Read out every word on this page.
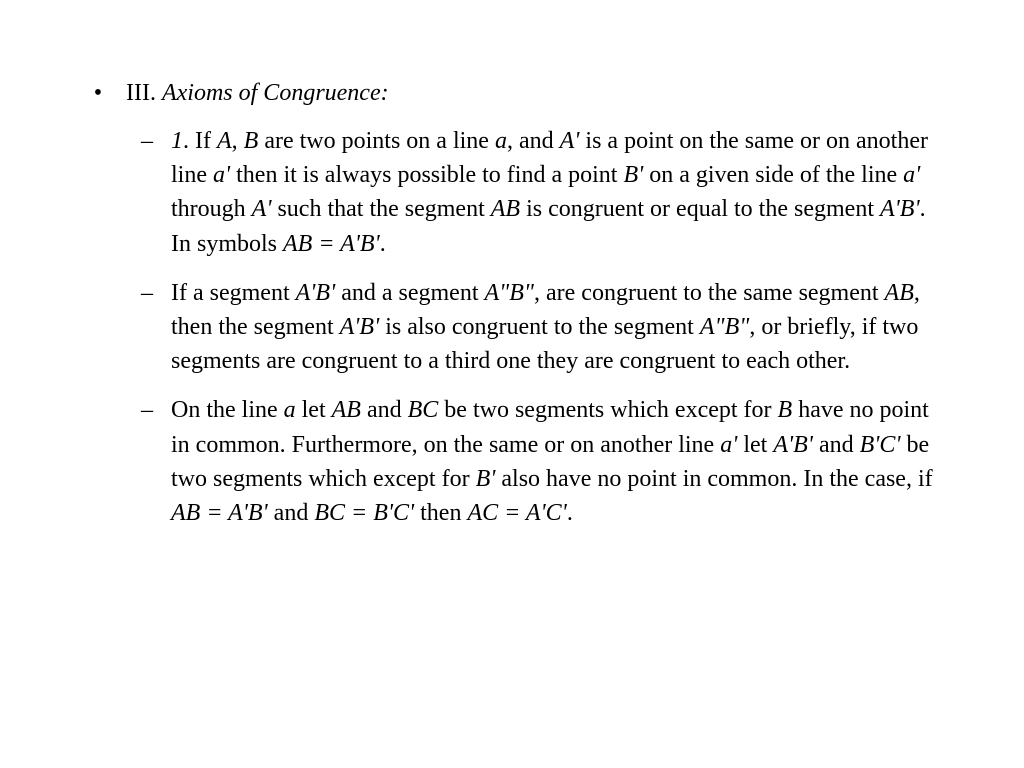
• III. Axioms of Congruence:
– 1. If A, B are two points on a line a, and A' is a point on the same or on another line a' then it is always possible to find a point B' on a given side of the line a' through A' such that the segment AB is congruent or equal to the segment A'B'. In symbols AB = A'B'.
– If a segment A'B' and a segment A"B", are congruent to the same segment AB, then the segment A'B' is also congruent to the segment A"B", or briefly, if two segments are congruent to a third one they are congruent to each other.
– On the line a let AB and BC be two segments which except for B have no point in common. Furthermore, on the same or on another line a' let A'B' and B'C' be two segments which except for B' also have no point in common. In the case, if AB = A'B' and BC = B'C' then AC = A'C'.
